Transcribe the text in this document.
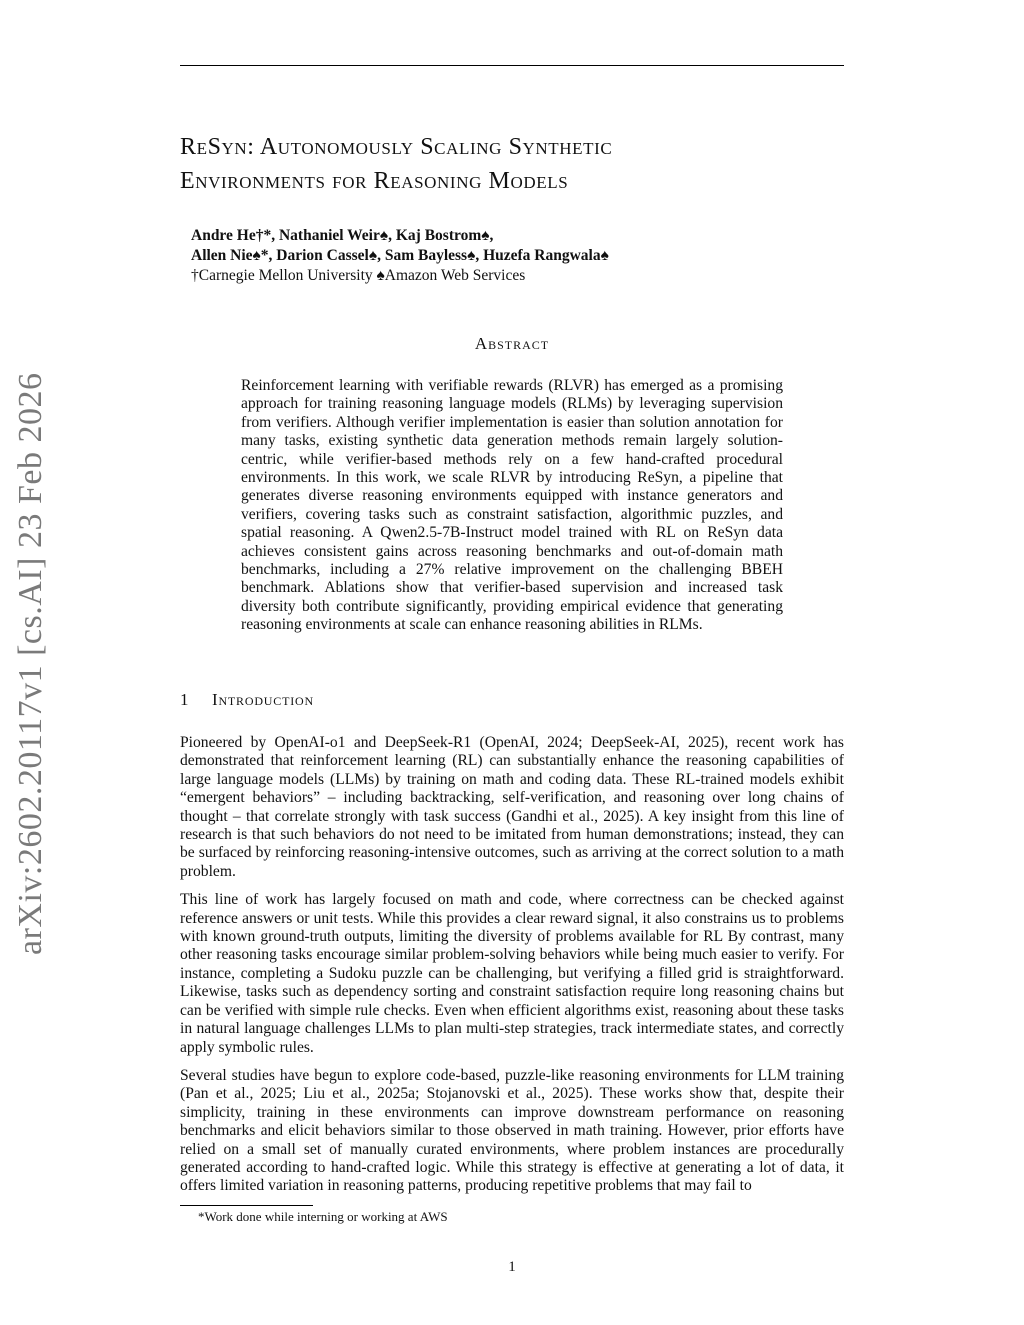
arXiv:2602.20117v1 [cs.AI] 23 Feb 2026
ReSyn: Autonomously Scaling Synthetic
Environments for Reasoning Models
Andre He†*, Nathaniel Weir♠, Kaj Bostrom♠,
Allen Nie♠*, Darion Cassel♠, Sam Bayless♠, Huzefa Rangwala♠
†Carnegie Mellon University ♠Amazon Web Services
Abstract
Reinforcement learning with verifiable rewards (RLVR) has emerged as a promising approach for training reasoning language models (RLMs) by leveraging supervision from verifiers. Although verifier implementation is easier than solution annotation for many tasks, existing synthetic data generation methods remain largely solution-centric, while verifier-based methods rely on a few hand-crafted procedural environments. In this work, we scale RLVR by introducing ReSyn, a pipeline that generates diverse reasoning environments equipped with instance generators and verifiers, covering tasks such as constraint satisfaction, algorithmic puzzles, and spatial reasoning. A Qwen2.5-7B-Instruct model trained with RL on ReSyn data achieves consistent gains across reasoning benchmarks and out-of-domain math benchmarks, including a 27% relative improvement on the challenging BBEH benchmark. Ablations show that verifier-based supervision and increased task diversity both contribute significantly, providing empirical evidence that generating reasoning environments at scale can enhance reasoning abilities in RLMs.
1 Introduction

Pioneered by OpenAI-o1 and DeepSeek-R1 (OpenAI, 2024; DeepSeek-AI, 2025), recent work has demonstrated that reinforcement learning (RL) can substantially enhance the reasoning capabilities of large language models (LLMs) by training on math and coding data. These RL-trained models exhibit “emergent behaviors” – including backtracking, self-verification, and reasoning over long chains of thought – that correlate strongly with task success (Gandhi et al., 2025). A key insight from this line of research is that such behaviors do not need to be imitated from human demonstrations; instead, they can be surfaced by reinforcing reasoning-intensive outcomes, such as arriving at the correct solution to a math problem.

This line of work has largely focused on math and code, where correctness can be checked against reference answers or unit tests. While this provides a clear reward signal, it also constrains us to problems with known ground-truth outputs, limiting the diversity of problems available for RL By contrast, many other reasoning tasks encourage similar problem-solving behaviors while being much easier to verify. For instance, completing a Sudoku puzzle can be challenging, but verifying a filled grid is straightforward. Likewise, tasks such as dependency sorting and constraint satisfaction require long reasoning chains but can be verified with simple rule checks. Even when efficient algorithms exist, reasoning about these tasks in natural language challenges LLMs to plan multi-step strategies, track intermediate states, and correctly apply symbolic rules.

Several studies have begun to explore code-based, puzzle-like reasoning environments for LLM training (Pan et al., 2025; Liu et al., 2025a; Stojanovski et al., 2025). These works show that, despite their simplicity, training in these environments can improve downstream performance on reasoning benchmarks and elicit behaviors similar to those observed in math training. However, prior efforts have relied on a small set of manually curated environments, where problem instances are procedurally generated according to hand-crafted logic. While this strategy is effective at generating a lot of data, it offers limited variation in reasoning patterns, producing repetitive problems that may fail to

*Work done while interning or working at AWS
1
